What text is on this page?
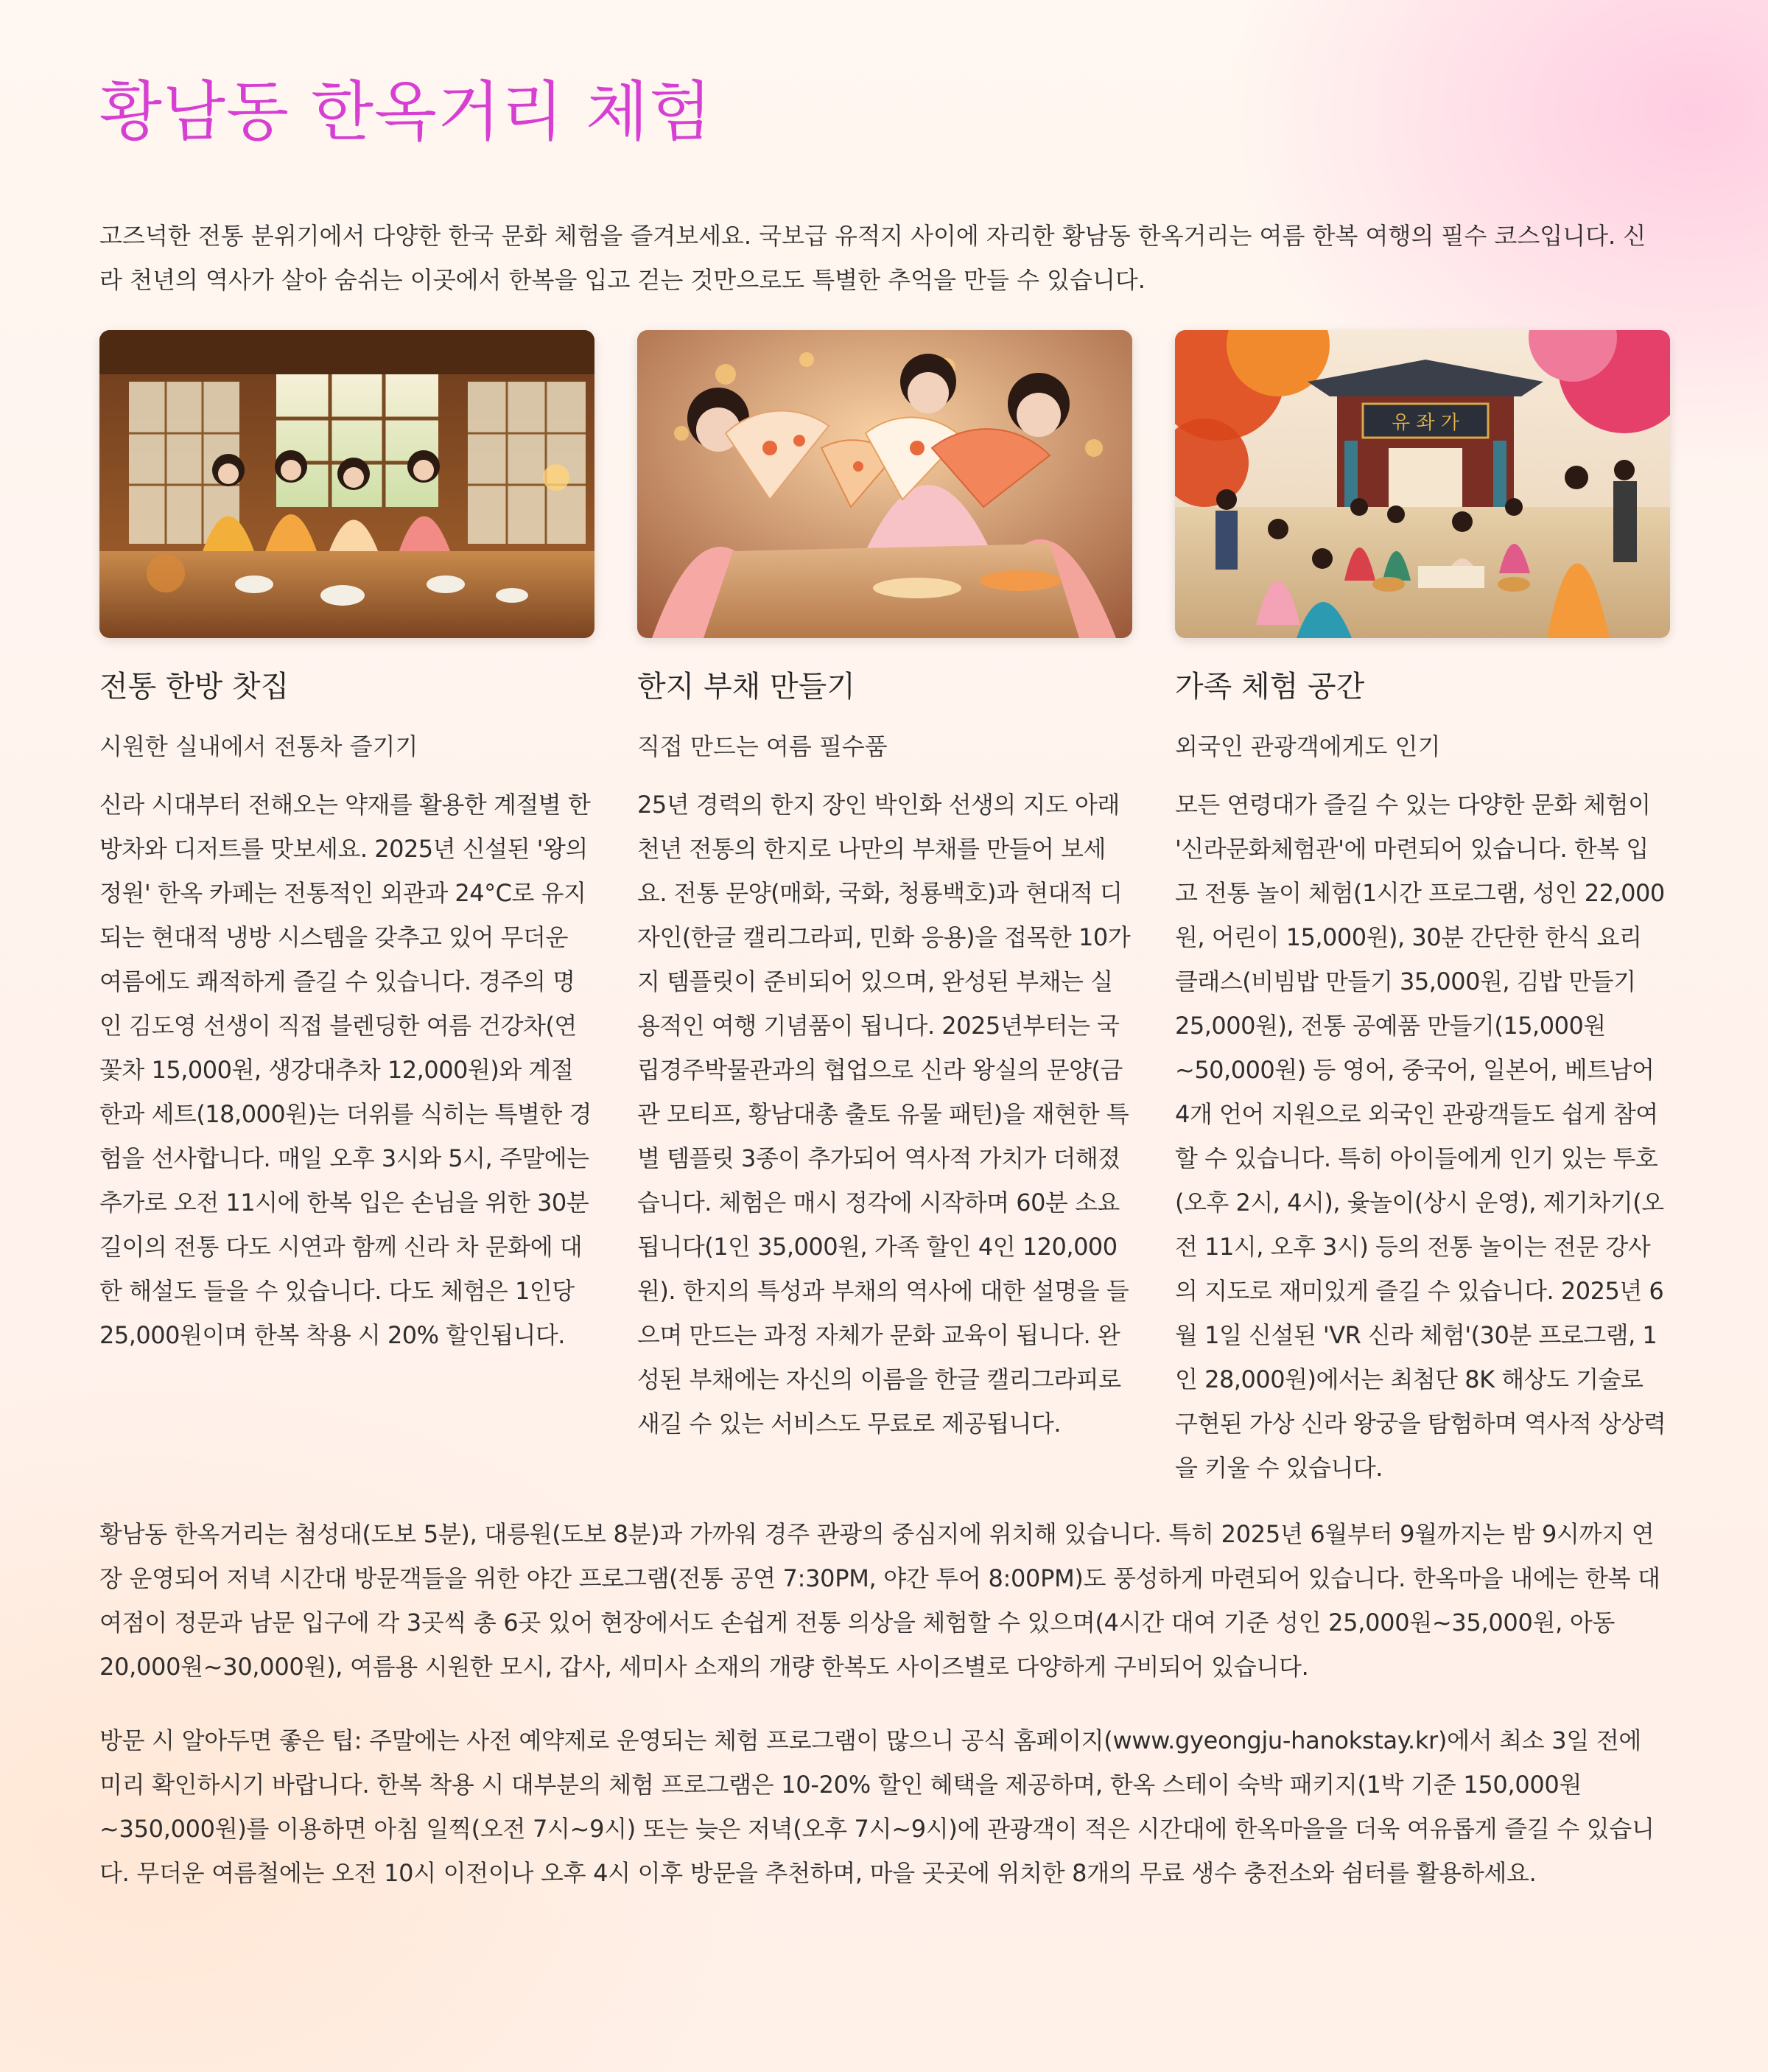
황남동 한옥거리 체험

고즈넉한 전통 분위기에서 다양한 한국 문화 체험을 즐겨보세요. 국보급 유적지 사이에 자리한 황남동 한옥거리는 여름 한복 여행의 필수 코스입니다. 신라 천년의 역사가 살아 숨쉬는 이곳에서 한복을 입고 걷는 것만으로도 특별한 추억을 만들 수 있습니다.

전통 한방 찻집

시원한 실내에서 전통차 즐기기

신라 시대부터 전해오는 약재를 활용한 계절별 한방차와 디저트를 맛보세요. 2025년 신설된 '왕의 정원' 한옥 카페는 전통적인 외관과 24°C로 유지되는 현대적 냉방 시스템을 갖추고 있어 무더운 여름에도 쾌적하게 즐길 수 있습니다. 경주의 명인 김도영 선생이 직접 블렌딩한 여름 건강차(연꽃차 15,000원, 생강대추차 12,000원)와 계절 한과 세트(18,000원)는 더위를 식히는 특별한 경험을 선사합니다. 매일 오후 3시와 5시, 주말에는 추가로 오전 11시에 한복 입은 손님을 위한 30분 길이의 전통 다도 시연과 함께 신라 차 문화에 대한 해설도 들을 수 있습니다. 다도 체험은 1인당 25,000원이며 한복 착용 시 20% 할인됩니다.

한지 부채 만들기

직접 만드는 여름 필수품

25년 경력의 한지 장인 박인화 선생의 지도 아래 천년 전통의 한지로 나만의 부채를 만들어 보세요. 전통 문양(매화, 국화, 청룡백호)과 현대적 디자인(한글 캘리그라피, 민화 응용)을 접목한 10가지 템플릿이 준비되어 있으며, 완성된 부채는 실용적인 여행 기념품이 됩니다. 2025년부터는 국립경주박물관과의 협업으로 신라 왕실의 문양(금관 모티프, 황남대총 출토 유물 패턴)을 재현한 특별 템플릿 3종이 추가되어 역사적 가치가 더해졌습니다. 체험은 매시 정각에 시작하며 60분 소요됩니다(1인 35,000원, 가족 할인 4인 120,000원). 한지의 특성과 부채의 역사에 대한 설명을 들으며 만드는 과정 자체가 문화 교육이 됩니다. 완성된 부채에는 자신의 이름을 한글 캘리그라피로 새길 수 있는 서비스도 무료로 제공됩니다.

유 좌 가
가족 체험 공간

외국인 관광객에게도 인기

모든 연령대가 즐길 수 있는 다양한 문화 체험이 '신라문화체험관'에 마련되어 있습니다. 한복 입고 전통 놀이 체험(1시간 프로그램, 성인 22,000원, 어린이 15,000원), 30분 간단한 한식 요리 클래스(비빔밥 만들기 35,000원, 김밥 만들기 25,000원), 전통 공예품 만들기(15,000원~50,000원) 등 영어, 중국어, 일본어, 베트남어 4개 언어 지원으로 외국인 관광객들도 쉽게 참여할 수 있습니다. 특히 아이들에게 인기 있는 투호(오후 2시, 4시), 윷놀이(상시 운영), 제기차기(오전 11시, 오후 3시) 등의 전통 놀이는 전문 강사의 지도로 재미있게 즐길 수 있습니다. 2025년 6월 1일 신설된 'VR 신라 체험'(30분 프로그램, 1인 28,000원)에서는 최첨단 8K 해상도 기술로 구현된 가상 신라 왕궁을 탐험하며 역사적 상상력을 키울 수 있습니다.

황남동 한옥거리는 첨성대(도보 5분), 대릉원(도보 8분)과 가까워 경주 관광의 중심지에 위치해 있습니다. 특히 2025년 6월부터 9월까지는 밤 9시까지 연장 운영되어 저녁 시간대 방문객들을 위한 야간 프로그램(전통 공연 7:30PM, 야간 투어 8:00PM)도 풍성하게 마련되어 있습니다. 한옥마을 내에는 한복 대여점이 정문과 남문 입구에 각 3곳씩 총 6곳 있어 현장에서도 손쉽게 전통 의상을 체험할 수 있으며(4시간 대여 기준 성인 25,000원~35,000원, 아동 20,000원~30,000원), 여름용 시원한 모시, 갑사, 세미사 소재의 개량 한복도 사이즈별로 다양하게 구비되어 있습니다.

방문 시 알아두면 좋은 팁: 주말에는 사전 예약제로 운영되는 체험 프로그램이 많으니 공식 홈페이지(www.gyeongju-hanokstay.kr)에서 최소 3일 전에 미리 확인하시기 바랍니다. 한복 착용 시 대부분의 체험 프로그램은 10-20% 할인 혜택을 제공하며, 한옥 스테이 숙박 패키지(1박 기준 150,000원~350,000원)를 이용하면 아침 일찍(오전 7시~9시) 또는 늦은 저녁(오후 7시~9시)에 관광객이 적은 시간대에 한옥마을을 더욱 여유롭게 즐길 수 있습니다. 무더운 여름철에는 오전 10시 이전이나 오후 4시 이후 방문을 추천하며, 마을 곳곳에 위치한 8개의 무료 생수 충전소와 쉼터를 활용하세요.
